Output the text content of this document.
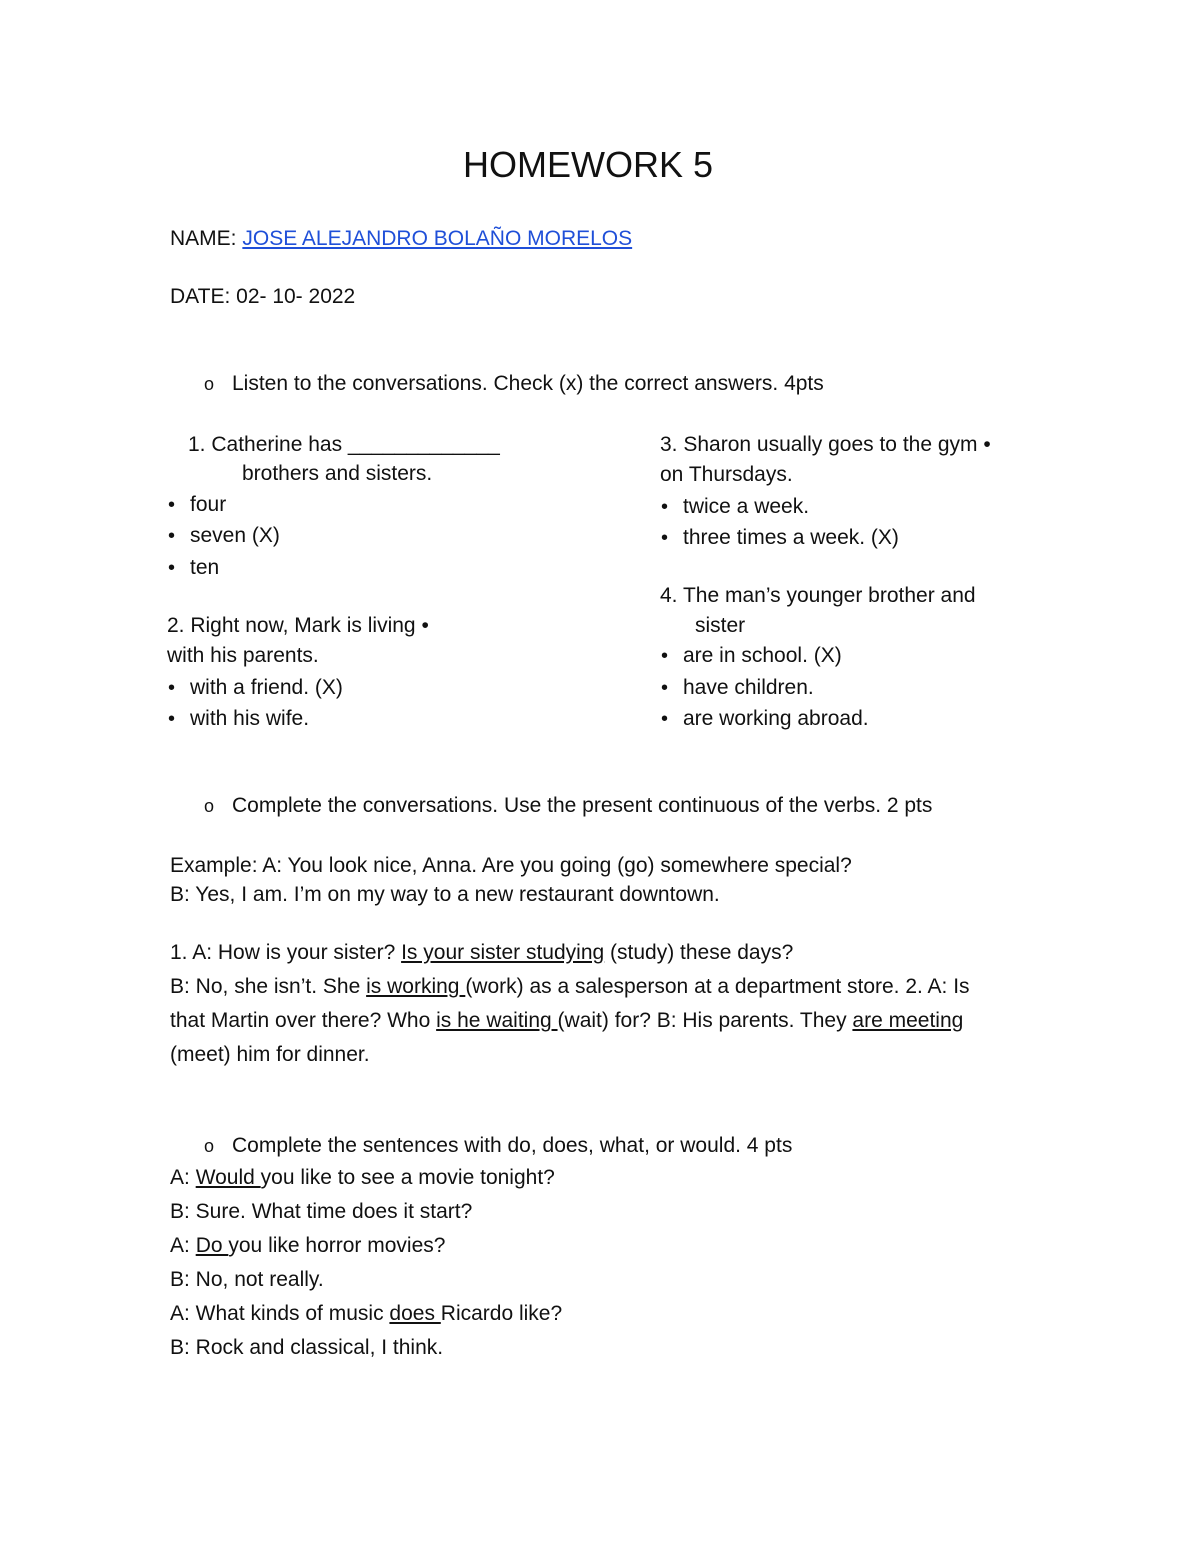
HOMEWORK 5
NAME: JOSE ALEJANDRO BOLAÑO MORELOS
DATE: 02- 10- 2022
o Listen to the conversations. Check (x) the correct answers. 4pts
1. Catherine has _____________
brothers and sisters.
• four
• seven (X)
• ten
2. Right now, Mark is living •
with his parents.
• with a friend. (X)
• with his wife.
3. Sharon usually goes to the gym •
on Thursdays.
• twice a week.
• three times a week. (X)
4. The man’s younger brother and
sister
• are in school. (X)
• have children.
• are working abroad.
o Complete the conversations. Use the present continuous of the verbs. 2 pts
Example: A: You look nice, Anna. Are you going (go) somewhere special?
B: Yes, I am. I’m on my way to a new restaurant downtown.
1. A: How is your sister? Is your sister studying (study) these days?
B: No, she isn’t. She is working (work) as a salesperson at a department store. 2. A: Is
that Martin over there? Who is he waiting (wait) for? B: His parents. They are meeting
(meet) him for dinner.
o Complete the sentences with do, does, what, or would. 4 pts
A: Would you like to see a movie tonight?
B: Sure. What time does it start?
A: Do you like horror movies?
B: No, not really.
A: What kinds of music does Ricardo like?
B: Rock and classical, I think.
